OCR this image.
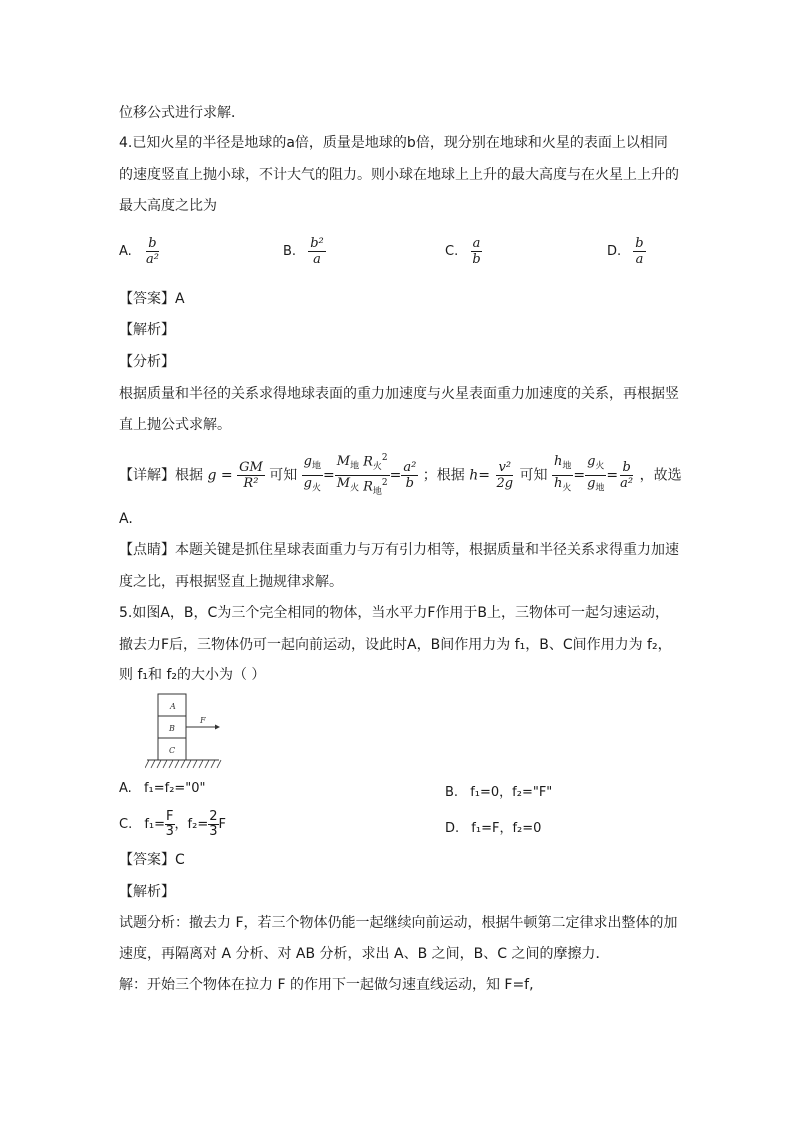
位移公式进行求解．
4.已知火星的半径是地球的a倍，质量是地球的b倍，现分别在地球和火星的表面上以相同
的速度竖直上抛小球，不计大气的阻力。则小球在地球上上升的最大高度与在火星上上升的
最大高度之比为
A. $\frac{b}{\text{a²}}$	B. $\frac{\text{b²}}{a}$	C. $\frac{a}{b}$	D. $\frac{b}{a}$
【答案】A
【解析】
【分析】
根据质量和半径的关系求得地球表面的重力加速度与火星表面重力加速度的关系，再根据竖
直上抛公式求解。
【详解】根据 $g = \frac{GM}{\text{R²}}$ 可知 $\frac{g_地}{g_火} = \frac{M_地}{M_火} \frac{R_火^2}{R_地^2} = \frac{\text{a²}}{b}$ ；根据 $h= \frac{\text{v²}}{2g}$ 可知 $\frac{h_地}{h_火} = \frac{g_火}{g_地} = \frac{b}{\text{a²}}$ ，故选
A.
【点睛】本题关键是抓住星球表面重力与万有引力相等，根据质量和半径关系求得重力加速
度之比，再根据竖直上抛规律求解。
5.如图A，B，C为三个完全相同的物体，当水平力F作用于B上，三物体可一起匀速运动，
撤去力F后，三物体仍可一起向前运动，设此时A，B间作用力为 f₁，B、C间作用力为 f₂，
则 f₁和 f₂的大小为（ ）
A
B
C
F
A. f₁=f₂="0"	B. f₁=0，f₂="F"
C. $f_1= \frac{F}{3}$ ，$f_2= \frac{2}{3}$ F	D. f₁=F，f₂=0
【答案】C
【解析】
试题分析：撤去力 F，若三个物体仍能一起继续向前运动，根据牛顿第二定律求出整体的加
速度，再隔离对 A 分析、对 AB 分析，求出 A、B 之间，B、C 之间的摩擦力．
解：开始三个物体在拉力 F 的作用下一起做匀速直线运动，知 F=f,
